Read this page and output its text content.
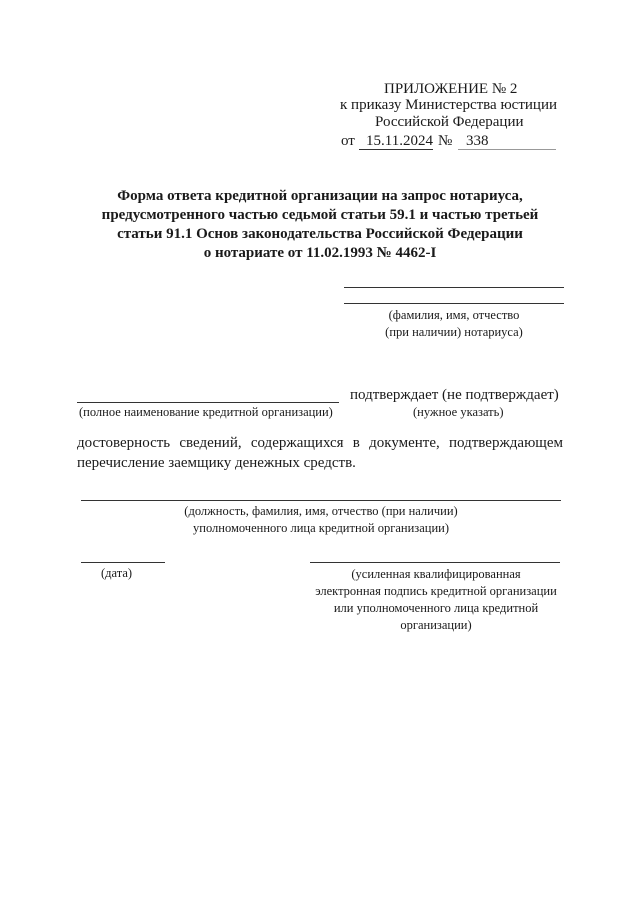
ПРИЛОЖЕНИЕ № 2
к приказу Министерства юстиции
Российской Федерации
от 15.11.2024 № 338
Форма ответа кредитной организации на запрос нотариуса,
предусмотренного частью седьмой статьи 59.1 и частью третьей
статьи 91.1 Основ законодательства Российской Федерации
о нотариате от 11.02.1993 № 4462-I
(фамилия, имя, отчество
(при наличии) нотариуса)
подтверждает (не подтверждает)
(полное наименование кредитной организации)	(нужное указать)
достоверность сведений, содержащихся в документе, подтверждающем
перечисление заемщику денежных средств.
(должность, фамилия, имя, отчество (при наличии)
уполномоченного лица кредитной организации)
(дата)	(усиленная квалифицированная
электронная подпись кредитной организации
или уполномоченного лица кредитной
организации)
